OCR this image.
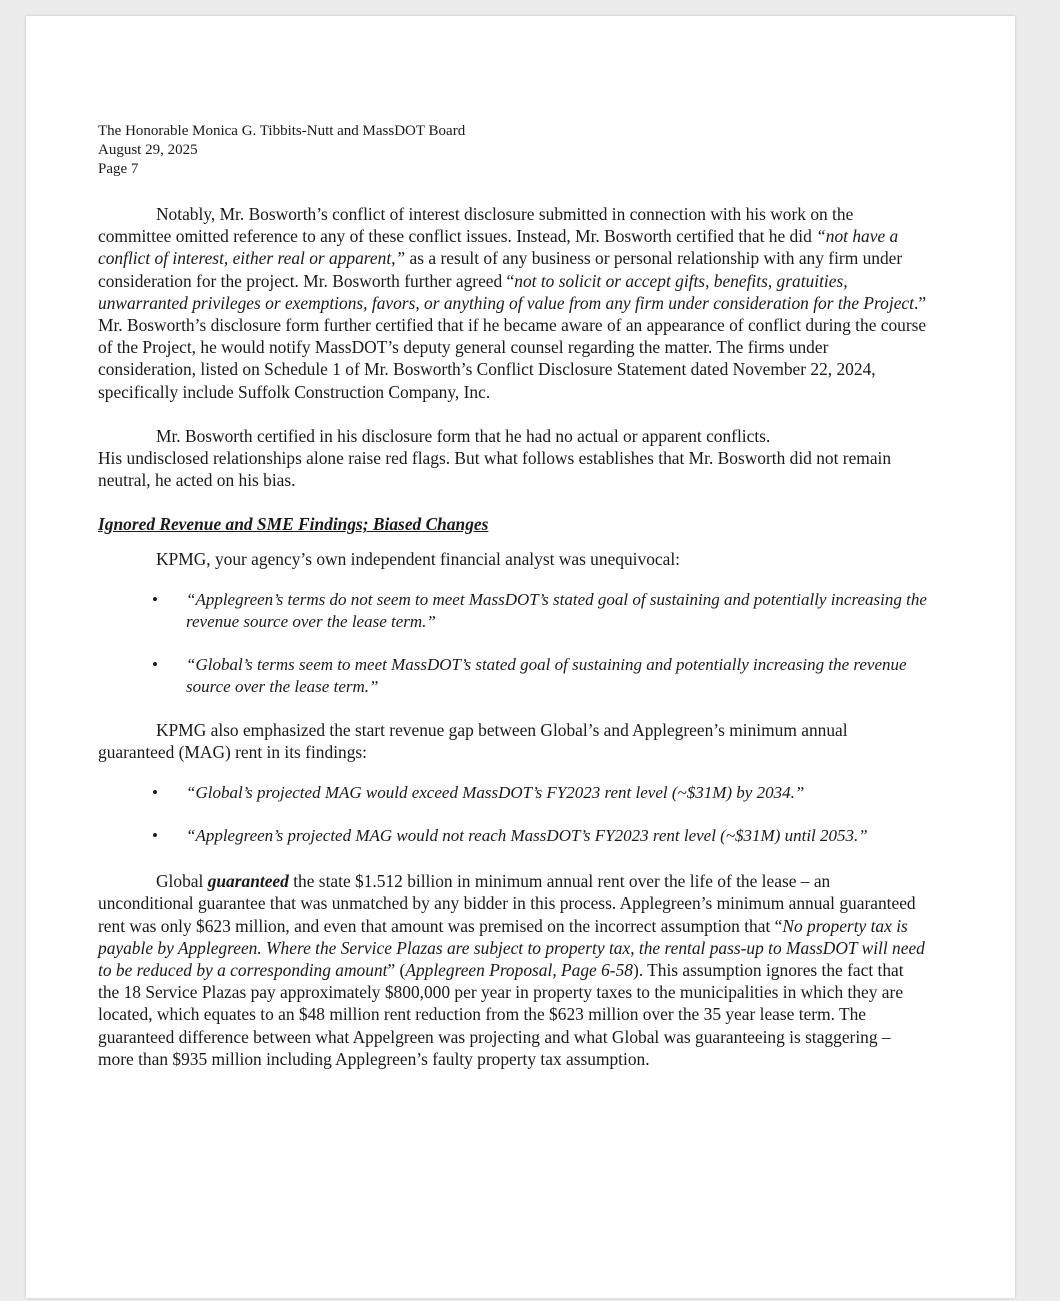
The Honorable Monica G. Tibbits-Nutt and MassDOT Board
August 29, 2025
Page 7

Notably, Mr. Bosworth’s conflict of interest disclosure submitted in connection with his work on the committee omitted reference to any of these conflict issues. Instead, Mr. Bosworth certified that he did “not have a conflict of interest, either real or apparent,” as a result of any business or personal relationship with any firm under consideration for the project. Mr. Bosworth further agreed “not to solicit or accept gifts, benefits, gratuities, unwarranted privileges or exemptions, favors, or anything of value from any firm under consideration for the Project.” Mr. Bosworth’s disclosure form further certified that if he became aware of an appearance of conflict during the course of the Project, he would notify MassDOT’s deputy general counsel regarding the matter. The firms under consideration, listed on Schedule 1 of Mr. Bosworth’s Conflict Disclosure Statement dated November 22, 2024, specifically include Suffolk Construction Company, Inc.

Mr. Bosworth certified in his disclosure form that he had no actual or apparent conflicts.
His undisclosed relationships alone raise red flags. But what follows establishes that Mr. Bosworth did not remain neutral, he acted on his bias.

Ignored Revenue and SME Findings; Biased Changes

KPMG, your agency’s own independent financial analyst was unequivocal:

• “Applegreen’s terms do not seem to meet MassDOT’s stated goal of sustaining and potentially increasing the revenue source over the lease term.”
• “Global’s terms seem to meet MassDOT’s stated goal of sustaining and potentially increasing the revenue source over the lease term.”

KPMG also emphasized the start revenue gap between Global’s and Applegreen’s minimum annual guaranteed (MAG) rent in its findings:

• “Global’s projected MAG would exceed MassDOT’s FY2023 rent level (~$31M) by 2034.”
• “Applegreen’s projected MAG would not reach MassDOT’s FY2023 rent level (~$31M) until 2053.”

Global guaranteed the state $1.512 billion in minimum annual rent over the life of the lease – an unconditional guarantee that was unmatched by any bidder in this process. Applegreen’s minimum annual guaranteed rent was only $623 million, and even that amount was premised on the incorrect assumption that “No property tax is payable by Applegreen. Where the Service Plazas are subject to property tax, the rental pass-up to MassDOT will need to be reduced by a corresponding amount” (Applegreen Proposal, Page 6-58). This assumption ignores the fact that the 18 Service Plazas pay approximately $800,000 per year in property taxes to the municipalities in which they are located, which equates to an $48 million rent reduction from the $623 million over the 35 year lease term. The guaranteed difference between what Appelgreen was projecting and what Global was guaranteeing is staggering – more than $935 million including Applegreen’s faulty property tax assumption.
